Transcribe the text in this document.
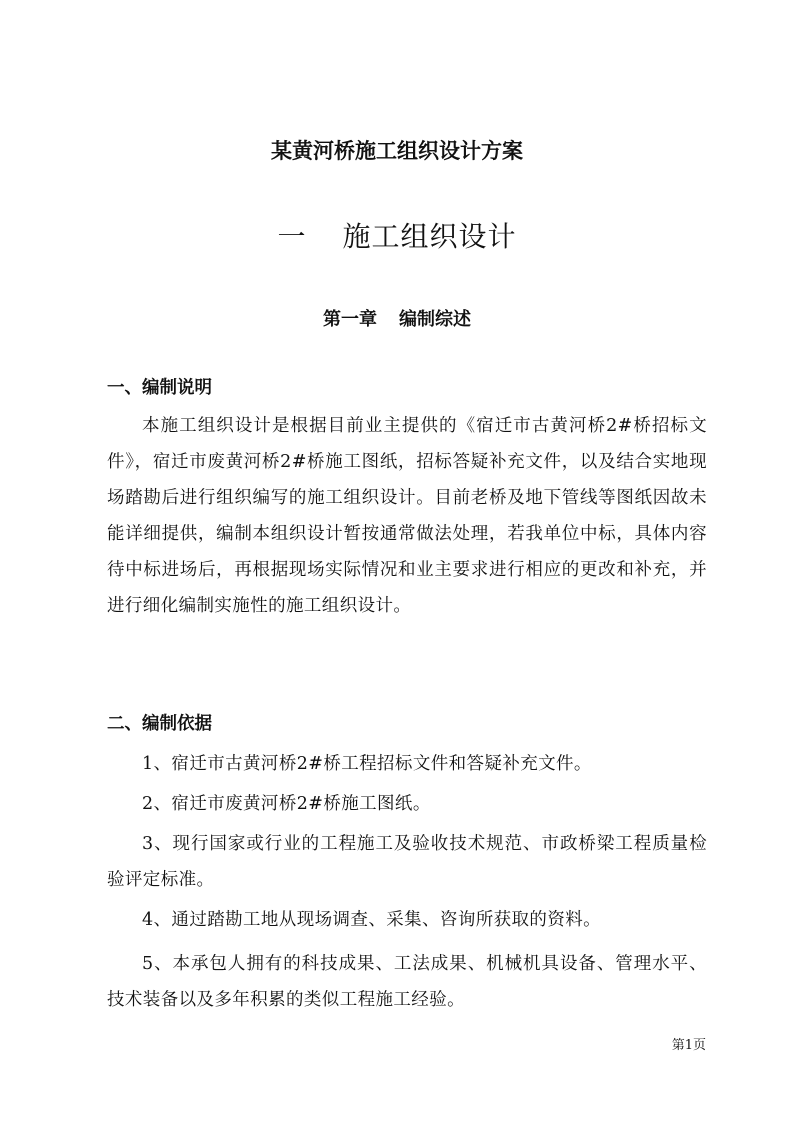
某黄河桥施工组织设计方案
一 施工组织设计
第一章 编制综述
一、编制说明
本施工组织设计是根据目前业主提供的《宿迁市古黄河桥2#桥招标文件》，宿迁市废黄河桥2#桥施工图纸，招标答疑补充文件，以及结合实地现场踏勘后进行组织编写的施工组织设计。目前老桥及地下管线等图纸因故未能详细提供，编制本组织设计暂按通常做法处理，若我单位中标，具体内容待中标进场后，再根据现场实际情况和业主要求进行相应的更改和补充，并进行细化编制实施性的施工组织设计。
二、编制依据
1、宿迁市古黄河桥2#桥工程招标文件和答疑补充文件。
2、宿迁市废黄河桥2#桥施工图纸。
3、现行国家或行业的工程施工及验收技术规范、市政桥梁工程质量检验评定标准。
4、通过踏勘工地从现场调查、采集、咨询所获取的资料。
5、本承包人拥有的科技成果、工法成果、机械机具设备、管理水平、技术装备以及多年积累的类似工程施工经验。
第1页
